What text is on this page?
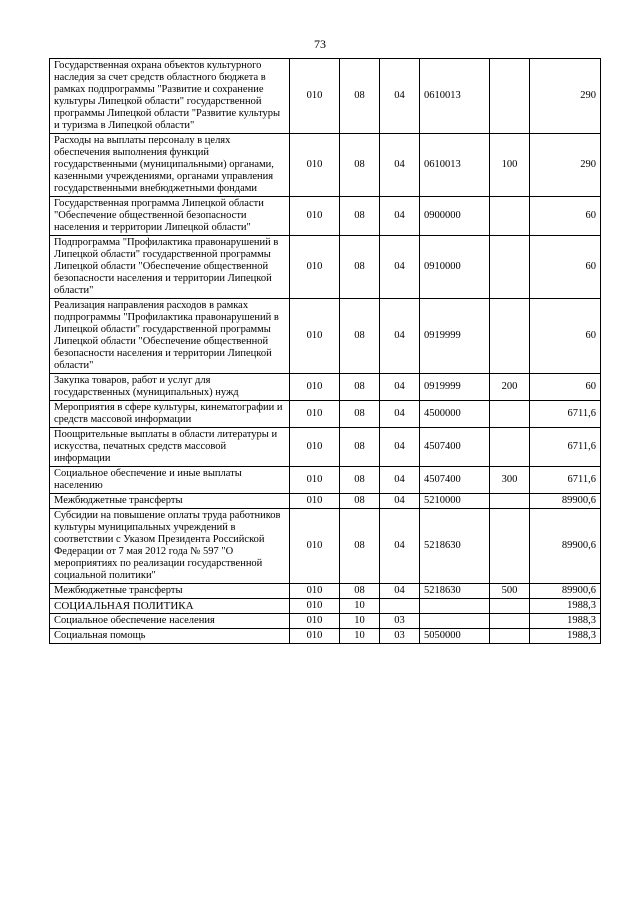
73
Государственная охрана объектов культурного наследия за счет средств областного бюджета в рамках подпрограммы "Развитие и сохранение культуры Липецкой области" государственной программы Липецкой области "Развитие культуры и туризма в Липецкой области"	010	08	04	0610013		290
Расходы на выплаты персоналу в целях обеспечения выполнения функций государственными (муниципальными) органами, казенными учреждениями, органами управления государственными внебюджетными фондами	010	08	04	0610013	100	290
Государственная программа Липецкой области "Обеспечение общественной безопасности населения и территории Липецкой области"	010	08	04	0900000		60
Подпрограмма "Профилактика правонарушений в Липецкой области" государственной программы Липецкой области "Обеспечение общественной безопасности населения и территории Липецкой области"	010	08	04	0910000		60
Реализация направления расходов в рамках подпрограммы "Профилактика правонарушений в Липецкой области" государственной программы Липецкой области "Обеспечение общественной безопасности населения и территории Липецкой области"	010	08	04	0919999		60
Закупка товаров, работ и услуг для государственных (муниципальных) нужд	010	08	04	0919999	200	60
Мероприятия в сфере культуры, кинематографии и средств массовой информации	010	08	04	4500000		6711,6
Поощрительные выплаты в области литературы и искусства, печатных средств массовой информации	010	08	04	4507400		6711,6
Социальное обеспечение и иные выплаты населению	010	08	04	4507400	300	6711,6
Межбюджетные трансферты	010	08	04	5210000		89900,6
Субсидии на повышение оплаты труда работников культуры муниципальных учреждений в соответствии с Указом Президента Российской Федерации от 7 мая 2012 года № 597 "О мероприятиях по реализации государственной социальной политики"	010	08	04	5218630		89900,6
Межбюджетные трансферты	010	08	04	5218630	500	89900,6
СОЦИАЛЬНАЯ ПОЛИТИКА	010	10				1988,3
Социальное обеспечение населения	010	10	03			1988,3
Социальная помощь	010	10	03	5050000		1988,3
